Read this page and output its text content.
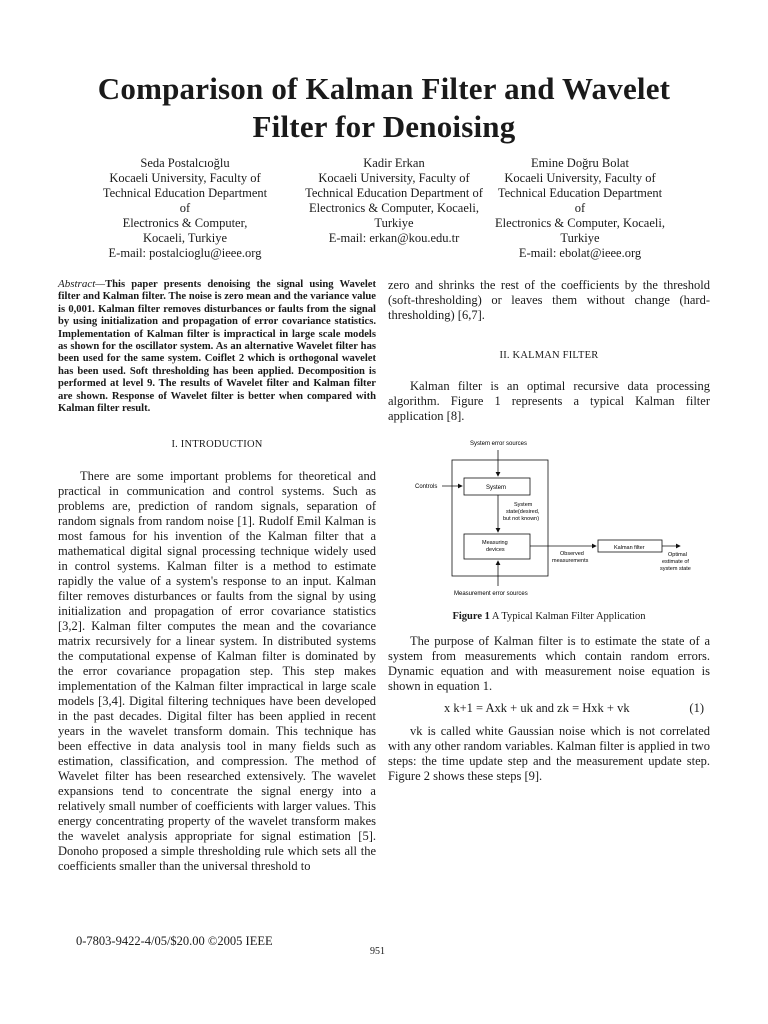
Comparison of Kalman Filter and Wavelet
Filter for Denoising
Seda Postalcıoğlu
Kocaeli University, Faculty of
Technical Education Department
of
Electronics & Computer,
Kocaeli, Turkiye
E-mail: postalcioglu@ieee.org
Kadir Erkan
Kocaeli University, Faculty of
Technical Education Department of
Electronics & Computer, Kocaeli,
Turkiye
E-mail: erkan@kou.edu.tr
Emine Doğru Bolat
Kocaeli University, Faculty of
Technical Education Department
of
Electronics & Computer, Kocaeli,
Turkiye
E-mail: ebolat@ieee.org

Abstract—This paper presents denoising the signal using Wavelet filter and Kalman filter. The noise is zero mean and the variance value is 0,001. Kalman filter removes disturbances or faults from the signal by using initialization and propagation of error covariance statistics. Implementation of Kalman filter is impractical in large scale models as shown for the oscillator system. As an alternative Wavelet filter has been used for the same system. Coiflet 2 which is orthogonal wavelet has been used. Soft thresholding has been applied. Decomposition is performed at level 9. The results of Wavelet filter and Kalman filter are shown. Response of Wavelet filter is better when compared with Kalman filter result.

I. INTRODUCTION

There are some important problems for theoretical and practical in communication and control systems. Such as problems are, prediction of random signals, separation of random signals from random noise [1]. Rudolf Emil Kalman is most famous for his invention of the Kalman filter that a mathematical digital signal processing technique widely used in control systems. Kalman filter is a method to estimate rapidly the value of a system's response to an input. Kalman filter removes disturbances or faults from the signal by using initialization and propagation of error covariance statistics [3,2]. Kalman filter computes the mean and the covariance matrix recursively for a linear system. In distributed systems the computational expense of Kalman filter is dominated by the error covariance propagation step. This step makes implementation of the Kalman filter impractical in large scale models [3,4]. Digital filtering techniques have been developed in the past decades. Digital filter has been applied in recent years in the wavelet transform domain. This technique has been effective in data analysis tool in many fields such as estimation, classification, and compression. The method of Wavelet filter has been researched extensively. The wavelet expansions tend to concentrate the signal energy into a relatively small number of coefficients with larger values. This energy concentrating property of the wavelet transform makes the wavelet analysis appropriate for signal estimation [5]. Donoho proposed a simple thresholding rule which sets all the coefficients smaller than the universal threshold to

zero and shrinks the rest of the coefficients by the threshold (soft-thresholding) or leaves them without change (hard-thresholding) [6,7].

II. KALMAN FILTER

Kalman filter is an optimal recursive data processing algorithm. Figure 1 represents a typical Kalman filter application [8].

System error sources
Controls	System
System
state(desired,
but not known)
Measuring
devices
Observed
measurements
Kalman filter
Optimal
estimate of
system state
Measurement error sources
Figure 1 A Typical Kalman Filter Application

The purpose of Kalman filter is to estimate the state of a system from measurements which contain random errors. Dynamic equation and with measurement noise equation is shown in equation 1.

x k+1 = Axk + uk and zk = Hxk + vk	(1)

vk is called white Gaussian noise which is not correlated with any other random variables. Kalman filter is applied in two steps: the time update step and the measurement update step. Figure 2 shows these steps [9].

0-7803-9422-4/05/$20.00 ©2005 IEEE
951
